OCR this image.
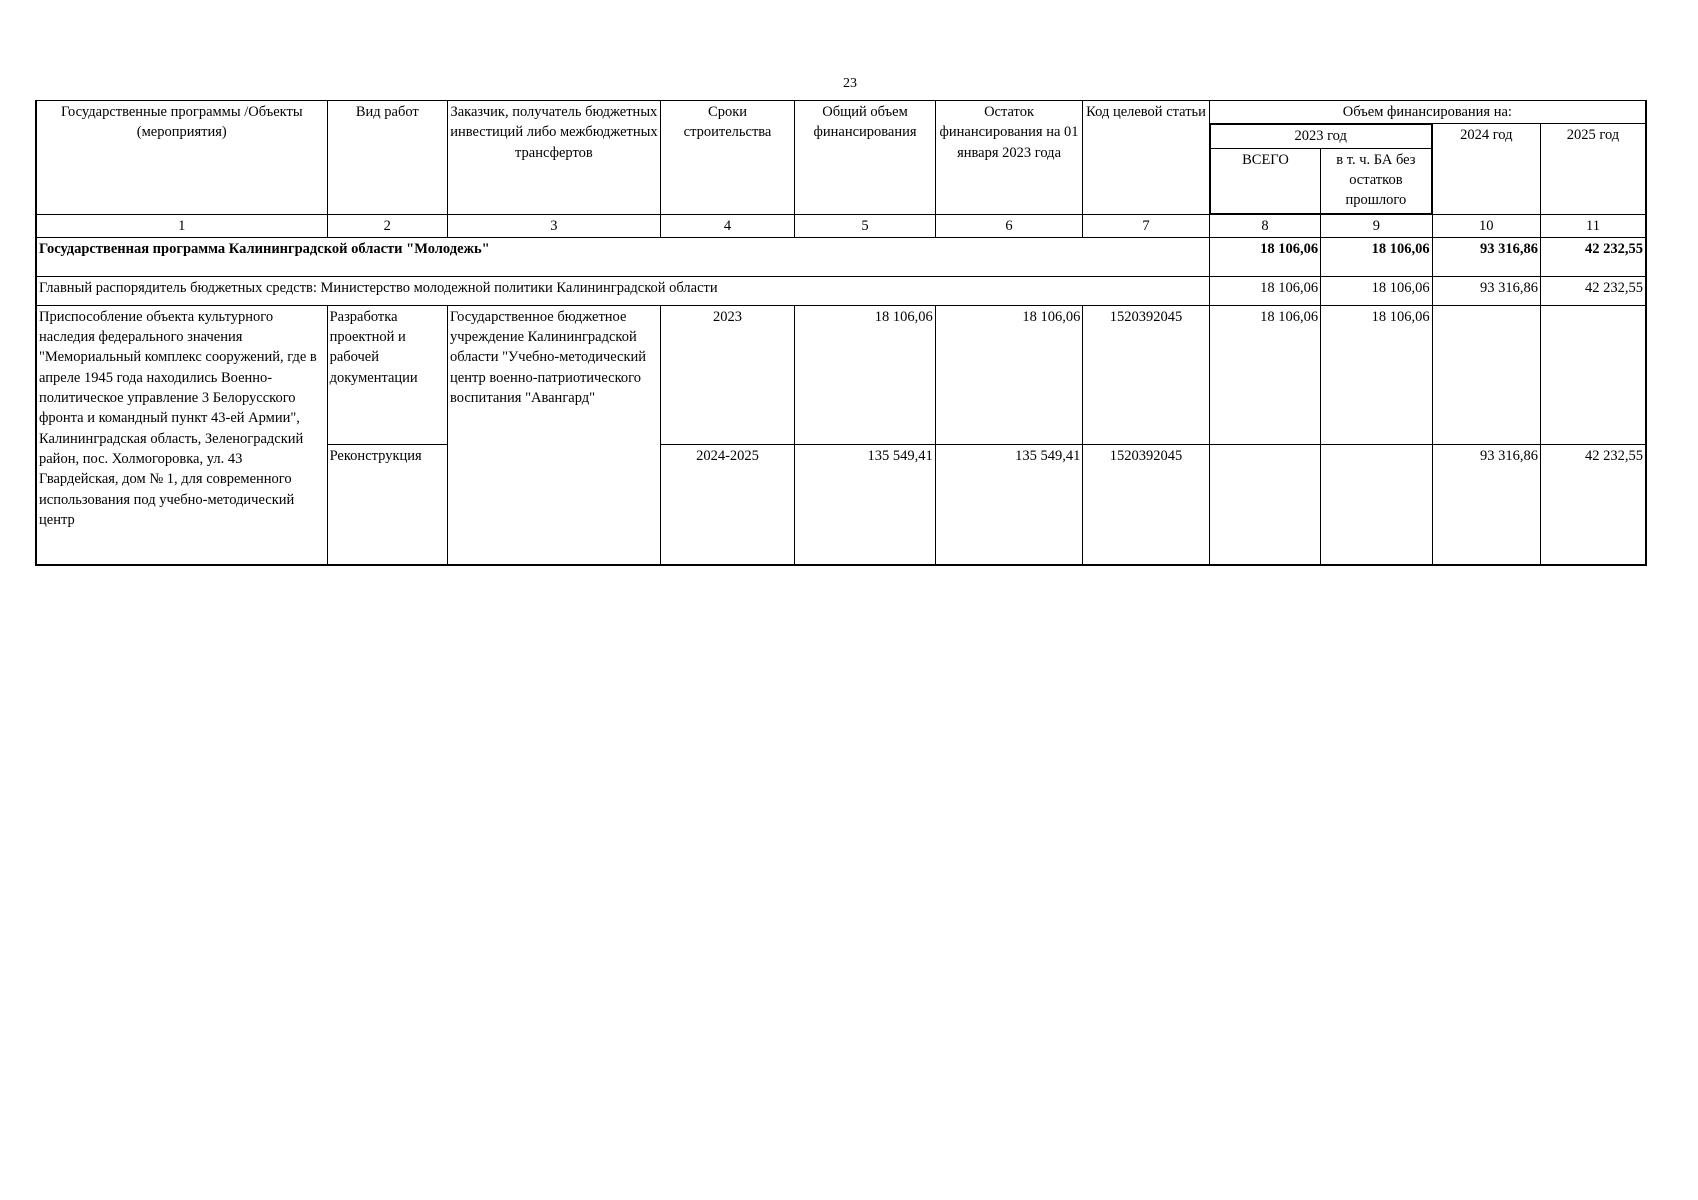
23
Государственные программы /Объекты (мероприятия)	Вид работ	Заказчик, получатель бюджетных инвестиций либо межбюджетных трансфертов	Сроки строительства	Общий объем финансирования	Остаток финансирования на 01 января 2023 года	Код целевой статьи	Объем финансирования на:

2023 год
ВСЕГО	в т. ч. БА без остатков прошлого
	2024 год	2025 год
1	2	3	4	5	6	7	8	9	10	11
Государственная программа Калининградской области "Молодежь"	18 106,06	18 106,06	93 316,86	42 232,55
Главный распорядитель бюджетных средств: Министерство молодежной политики Калининградской области	18 106,06	18 106,06	93 316,86	42 232,55
Приспособление объекта культурного наследия федерального значения "Мемориальный комплекс сооружений, где в апреле 1945 года находились Военно-политическое управление 3 Белорусского фронта и командный пункт 43-ей Армии", Калининградская область, Зеленоградский район, пос. Холмогоровка, ул. 43 Гвардейская, дом № 1, для современного использования под учебно-методический центр	Разработка проектной и рабочей документации	Государственное бюджетное учреждение Калининградской области "Учебно-методический центр военно-патриотического воспитания "Авангард"	2023	18 106,06	18 106,06	1520392045	18 106,06	18 106,06		
Реконструкция	2024-2025	135 549,41	135 549,41	1520392045			93 316,86	42 232,55
